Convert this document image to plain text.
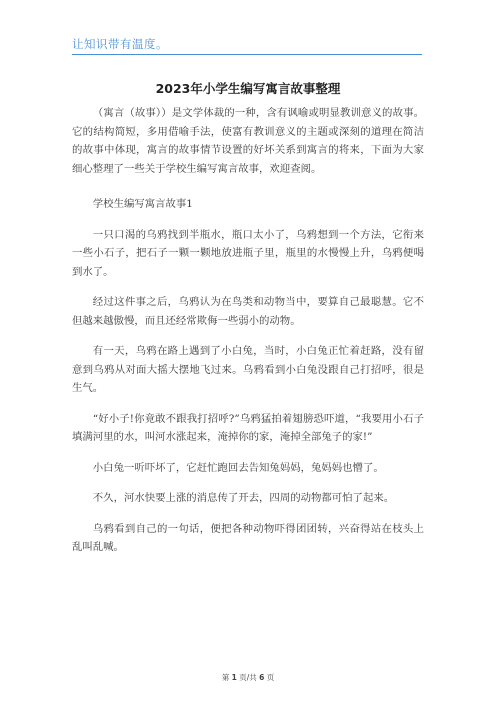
让知识带有温度。
2023年小学生编写寓言故事整理

（寓言（故事））是文学体裁的一种，含有讽喻或明显教训意义的故事。它的结构简短，多用借喻手法，使富有教训意义的主题或深刻的道理在简洁的故事中体现，寓言的故事情节设置的好坏关系到寓言的将来，下面为大家细心整理了一些关于学校生编写寓言故事，欢迎查阅。

学校生编写寓言故事1

一只口渴的乌鸦找到半瓶水，瓶口太小了，乌鸦想到一个方法，它衔来一些小石子，把石子一颗一颗地放进瓶子里，瓶里的水慢慢上升，乌鸦便喝到水了。

经过这件事之后，乌鸦认为在鸟类和动物当中，要算自己最聪慧。它不但越来越傲慢，而且还经常欺侮一些弱小的动物。

有一天，乌鸦在路上遇到了小白兔，当时，小白兔正忙着赶路，没有留意到乌鸦从对面大摇大摆地飞过来。乌鸦看到小白兔没跟自己打招呼，很是生气。

“好小子!你竟敢不跟我打招呼?”乌鸦猛拍着翅膀恐吓道，“我要用小石子填满河里的水，叫河水涨起来，淹掉你的家，淹掉全部兔子的家!”

小白兔一听吓坏了，它赶忙跑回去告知兔妈妈，兔妈妈也懵了。

不久，河水快要上涨的消息传了开去，四周的动物都可怕了起来。

乌鸦看到自己的一句话，便把各种动物吓得团团转，兴奋得站在枝头上乱叫乱喊。

第 1 页/共 6 页
